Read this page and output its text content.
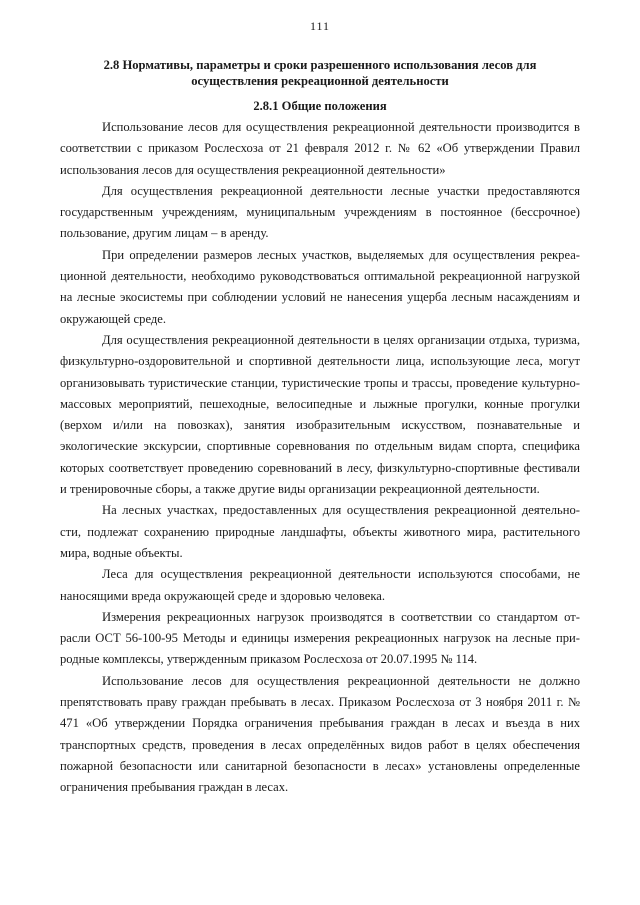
111
2.8 Нормативы, параметры и сроки разрешенного использования лесов для осуществления рекреационной деятельности
2.8.1 Общие положения

Использование лесов для осуществления рекреационной деятельности производится в соответствии с приказом Рослесхоза от 21 февраля 2012 г. № 62 «Об утверждении Правил использования лесов для осуществления рекреационной деятельности»

Для осуществления рекреационной деятельности лесные участки предоставляются государственным учреждениям, муниципальным учреждениям в постоянное (бессрочное) пользование, другим лицам – в аренду.

При определении размеров лесных участков, выделяемых для осуществления рекреационной деятельности, необходимо руководствоваться оптимальной рекреационной нагрузкой на лесные экосистемы при соблюдении условий не нанесения ущерба лесным насаждениям и окружающей среде.

Для осуществления рекреационной деятельности в целях организации отдыха, туризма, физкультурно-оздоровительной и спортивной деятельности лица, использующие леса, могут организовывать туристические станции, туристические тропы и трассы, проведение культурно-массовых мероприятий, пешеходные, велосипедные и лыжные прогулки, конные прогулки (верхом и/или на повозках), занятия изобразительным искусством, познавательные и экологические экскурсии, спортивные соревнования по отдельным видам спорта, специфика которых соответствует проведению соревнований в лесу, физкультурно-спортивные фестивали и тренировочные сборы, а также другие виды организации рекреационной деятельности.

На лесных участках, предоставленных для осуществления рекреационной деятельности, подлежат сохранению природные ландшафты, объекты животного мира, растительного мира, водные объекты.

Леса для осуществления рекреационной деятельности используются способами, не наносящими вреда окружающей среде и здоровью человека.

Измерения рекреационных нагрузок производятся в соответствии со стандартом отрасли ОСТ 56-100-95 Методы и единицы измерения рекреационных нагрузок на лесные природные комплексы, утвержденным приказом Рослесхоза от 20.07.1995 № 114.

Использование лесов для осуществления рекреационной деятельности не должно препятствовать праву граждан пребывать в лесах. Приказом Рослесхоза от 3 ноября 2011 г. № 471 «Об утверждении Порядка ограничения пребывания граждан в лесах и въезда в них транспортных средств, проведения в лесах определённых видов работ в целях обеспечения пожарной безопасности или санитарной безопасности в лесах» установлены определенные ограничения пребывания граждан в лесах.
